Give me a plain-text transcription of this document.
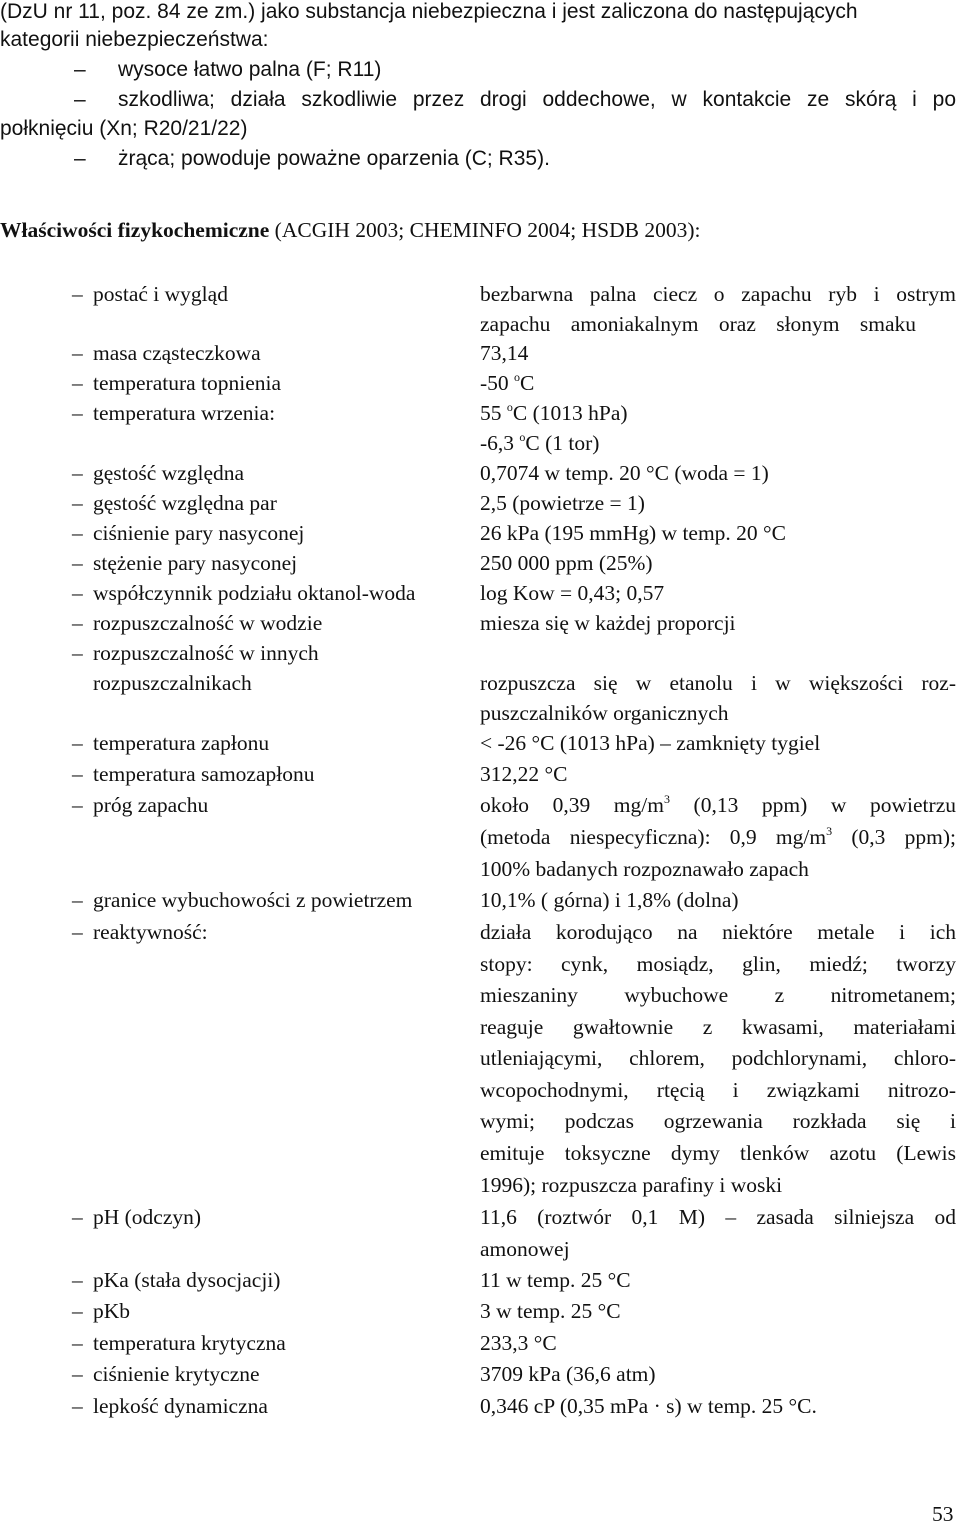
(DzU nr 11, poz. 84 ze zm.) jako substancja niebezpieczna i jest zaliczona do następujących
kategorii niebezpieczeństwa:
– wysoce łatwo palna (F; R11)
– szkodliwa; działa szkodliwie przez drogi oddechowe, w kontakcie ze skórą i po
połknięciu (Xn; R20/21/22)
– żrąca; powoduje poważne oparzenia (C; R35).
Właściwości fizykochemiczne (ACGIH 2003; CHEMINFO 2004; HSDB 2003):
– postać i wygląd	bezbarwna palna ciecz o zapachu ryb i ostrym
zapachu amoniakalnym oraz słonym smaku
– masa cząsteczkowa	73,14
– temperatura topnienia	-50 $^o$C
– temperatura wrzenia:	55 $^o$C (1013 hPa)
-6,3 $^o$C (1 tor)
– gęstość względna	0,7074 w temp. 20 °C (woda = 1)
– gęstość względna par	2,5 (powietrze = 1)
– ciśnienie pary nasyconej	26 kPa (195 mmHg) w temp. 20 °C
– stężenie pary nasyconej	250 000 ppm (25%)
– współczynnik podziału oktanol-woda	log Kow = 0,43; 0,57
– rozpuszczalność w wodzie	miesza się w każdej proporcji
– rozpuszczalność w innych
rozpuszczalnikach	rozpuszcza się w etanolu i w większości roz-
puszczalników organicznych
– temperatura zapłonu	< -26 °C (1013 hPa) – zamknięty tygiel
– temperatura samozapłonu	312,22 °C
– próg zapachu	około 0,39 $mg/m^3$ (0,13 ppm) w powietrzu
(metoda niespecyficzna): 0,9 $mg/m^3$ (0,3 ppm);
100% badanych rozpoznawało zapach
– granice wybuchowości z powietrzem	10,1% ( górna) i 1,8% (dolna)
– reaktywność:	działa korodująco na niektóre metale i ich
stopy: cynk, mosiądz, glin, miedź; tworzy
mieszaniny wybuchowe z nitrometanem;
reaguje gwałtownie z kwasami, materiałami
utleniającymi, chlorem, podchlorynami, chloro-
wcopochodnymi, rtęcią i związkami nitrozo-
wymi; podczas ogrzewania rozkłada się i
emituje toksyczne dymy tlenków azotu (Lewis
1996); rozpuszcza parafiny i woski
– pH (odczyn)	11,6 (roztwór 0,1 M) – zasada silniejsza od
amonowej
– pKa (stała dysocjacji)	11 w temp. 25 °C
– pKb	3 w temp. 25 °C
– temperatura krytyczna	233,3 °C
– ciśnienie krytyczne	3709 kPa (36,6 atm)
– lepkość dynamiczna	0,346 cP (0,35 mPa · s) w temp. 25 °C.
53
